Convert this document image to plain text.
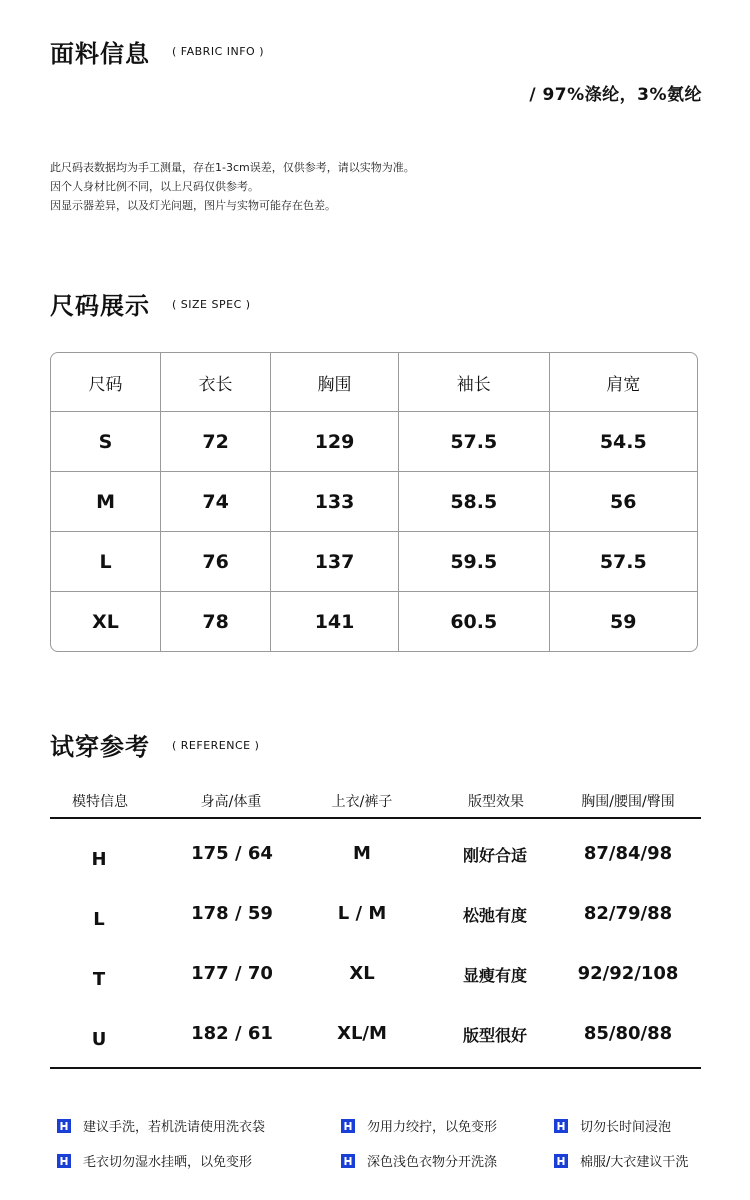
面料信息 ( FABRIC INFO )
/ 97%涤纶，3%氨纶
此尺码表数据均为手工测量，存在1-3cm误差，仅供参考，请以实物为准。
因个人身材比例不同，以上尺码仅供参考。
因显示器差异，以及灯光问题，图片与实物可能存在色差。
尺码展示 ( SIZE SPEC )
尺码	衣长	胸围	袖长	肩宽
S	72	129	57.5	54.5
M	74	133	58.5	56
L	76	137	59.5	57.5
XL	78	141	60.5	59
试穿参考 ( REFERENCE )
模特信息	身高/体重	上衣/裤子	版型效果	胸围/腰围/臀围
H	175 / 64	M	刚好合适	87/84/98
L	178 / 59	L / M	松弛有度	82/79/88
T	177 / 70	XL	显瘦有度	92/92/108
U	182 / 61	XL/M	版型很好	85/80/88
建议手洗，若机洗请使用洗衣袋	勿用力绞拧，以免变形	切勿长时间浸泡
毛衣切勿湿水挂晒，以免变形	深色浅色衣物分开洗涤	棉服/大衣建议干洗
